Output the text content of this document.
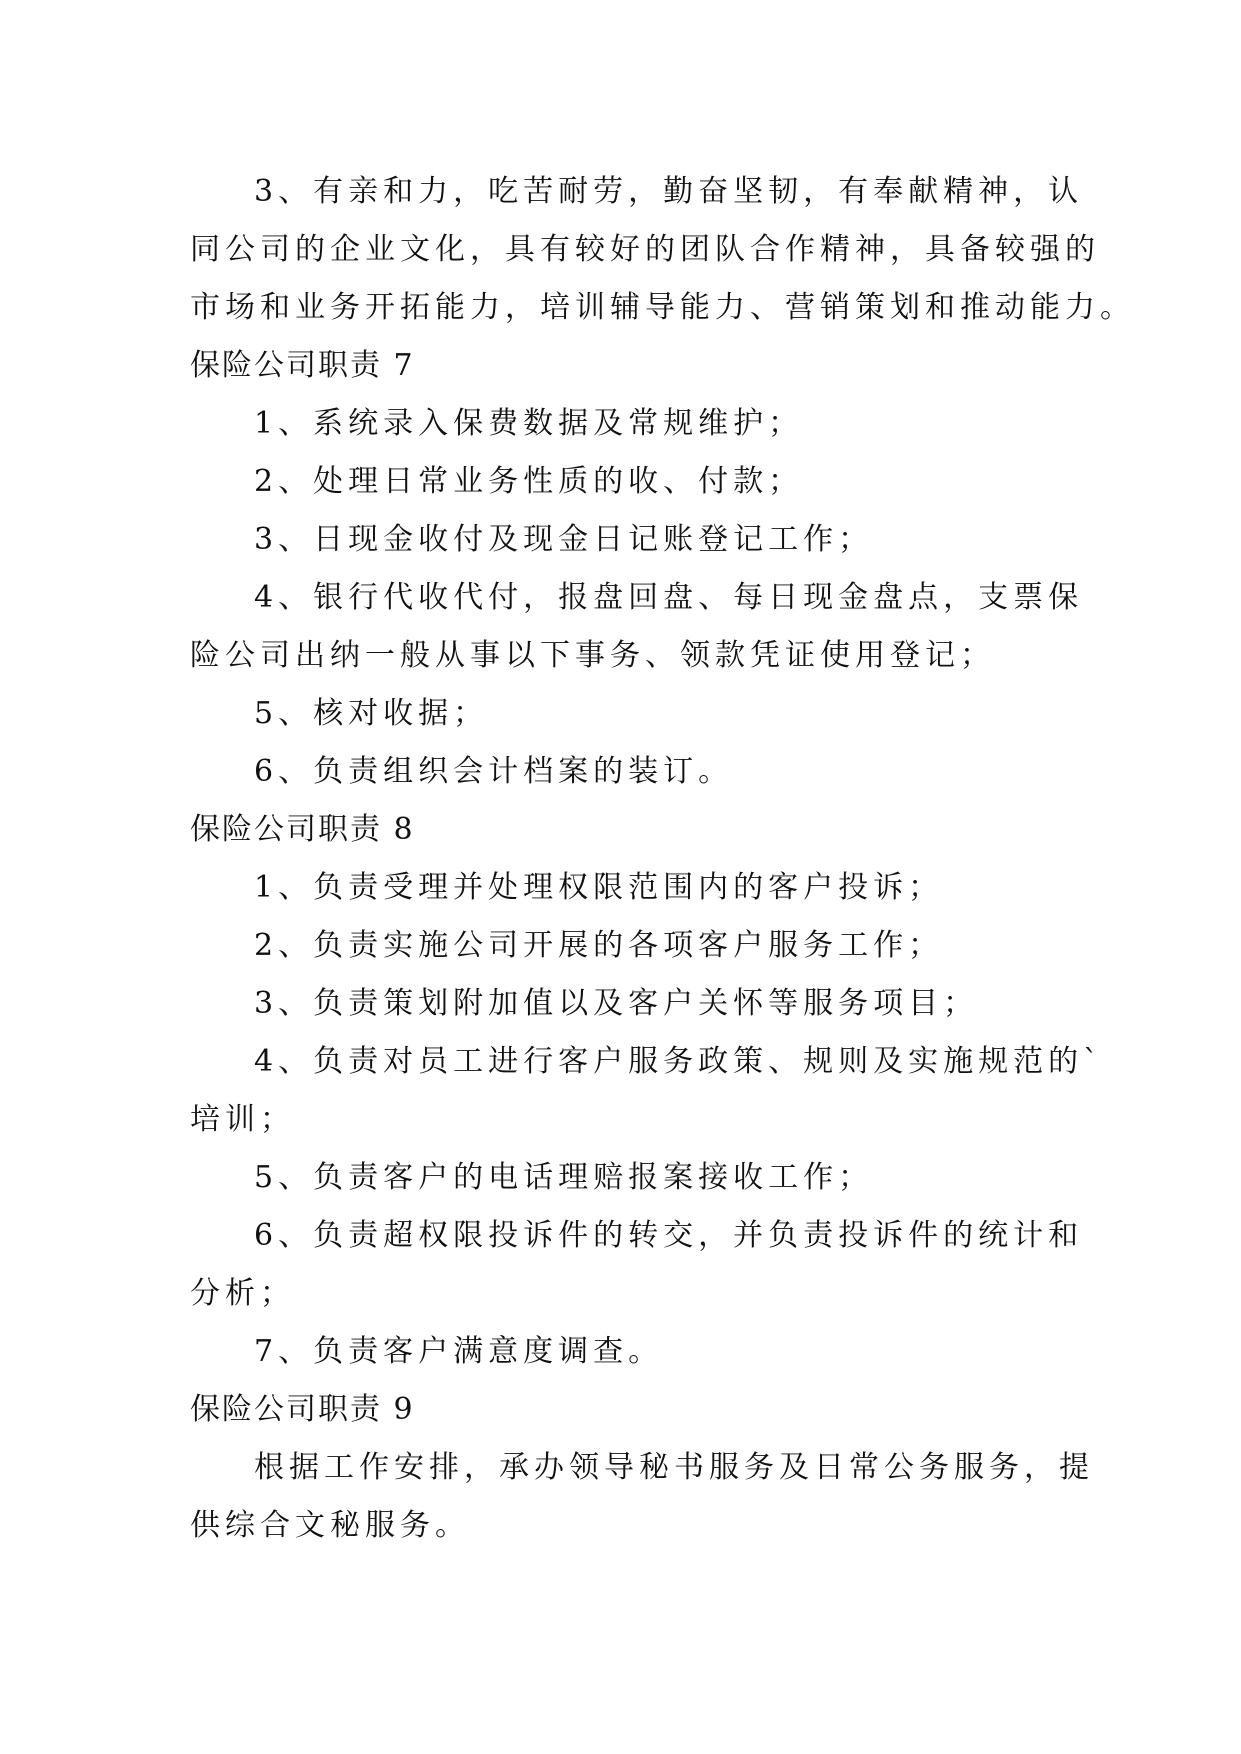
3、有亲和力，吃苦耐劳，勤奋坚韧，有奉献精神，认
同公司的企业文化，具有较好的团队合作精神，具备较强的
市场和业务开拓能力，培训辅导能力、营销策划和推动能力。
保险公司职责 7
1、系统录入保费数据及常规维护；
2、处理日常业务性质的收、付款；
3、日现金收付及现金日记账登记工作；
4、银行代收代付，报盘回盘、每日现金盘点，支票保
险公司出纳一般从事以下事务、领款凭证使用登记；
5、核对收据；
6、负责组织会计档案的装订。
保险公司职责 8
1、负责受理并处理权限范围内的客户投诉；
2、负责实施公司开展的各项客户服务工作；
3、负责策划附加值以及客户关怀等服务项目；
4、负责对员工进行客户服务政策、规则及实施规范的`
培训；
5、负责客户的电话理赔报案接收工作；
6、负责超权限投诉件的转交，并负责投诉件的统计和
分析；
7、负责客户满意度调查。
保险公司职责 9
根据工作安排，承办领导秘书服务及日常公务服务，提
供综合文秘服务。
